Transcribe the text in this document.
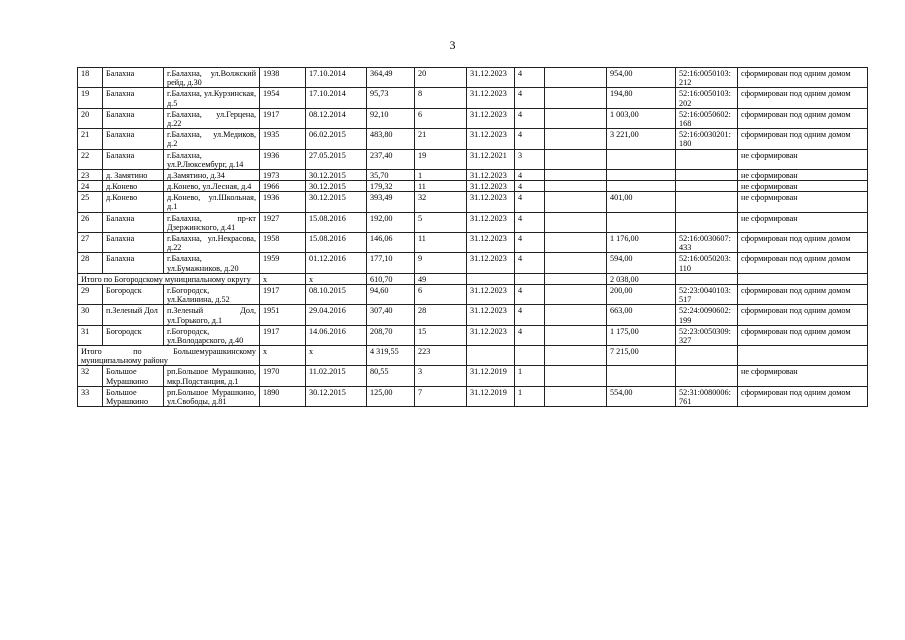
3
18	Балахна	г.Балахна, ул.Волжский рейд, д.30	1938	17.10.2014	364,49	20	31.12.2023	4		954,00	52:16:0050103:212	сформирован под одним домом
19	Балахна	г.Балахна, ул.Курзинская, д.5	1954	17.10.2014	95,73	8	31.12.2023	4		194,80	52:16:0050103:202	сформирован под одним домом
20	Балахна	г.Балахна, ул.Герцена, д.22	1917	08.12.2014	92,10	6	31.12.2023	4		1 003,00	52:16:0050602:168	сформирован под одним домом
21	Балахна	г.Балахна, ул.Медиков, д.2	1935	06.02.2015	483,80	21	31.12.2023	4		3 221,00	52:16:0030201:180	сформирован под одним домом
22	Балахна	г.Балахна, ул.Р.Люксембург, д.14	1936	27.05.2015	237,40	19	31.12.2021	3				не сформирован
23	д. Замятино	д.Замятино, д.34	1973	30.12.2015	35,70	1	31.12.2023	4				не сформирован
24	д.Конево	д.Конево, ул.Лесная, д.4	1966	30.12.2015	179,32	11	31.12.2023	4				не сформирован
25	д.Конево	д.Конево, ул.Школьная, д.1	1936	30.12.2015	393,49	32	31.12.2023	4		401,00		не сформирован
26	Балахна	г.Балахна, пр-кт Дзержинского, д.41	1927	15.08.2016	192,00	5	31.12.2023	4				не сформирован
27	Балахна	г.Балахна, ул.Некрасова, д.22	1958	15.08.2016	146,06	11	31.12.2023	4		1 176,00	52:16:0030607:433	сформирован под одним домом
28	Балахна	г.Балахна, ул.Бумажников, д.20	1959	01.12.2016	177,10	9	31.12.2023	4		594,00	52:16:0050203:110	сформирован под одним домом
Итого по Богородскому муниципальному округу			х	х	610,70	49				2 038,00		
29	Богородск	г.Богородск, ул.Калинина, д.52	1917	08.10.2015	94,60	6	31.12.2023	4		200,00	52:23:0040103:517	сформирован под одним домом
30	п.Зеленый Дол	п.Зеленый Дол, ул.Горького, д.1	1951	29.04.2016	307,40	28	31.12.2023	4		663,00	52:24:0090602:199	сформирован под одним домом
31	Богородск	г.Богородск, ул.Володарского, д.40	1917	14.06.2016	208,70	15	31.12.2023	4		1 175,00	52:23:0050309:327	сформирован под одним домом
Итого по Большемурашкинскому муниципальному району			х	х	4 319,55	223				7 215,00		
32	Большое Мурашкино	рп.Большое Мурашкино, мкр.Подстанция, д.1	1970	11.02.2015	80,55	3	31.12.2019	1				не сформирован
33	Большое Мурашкино	рп.Большое Мурашкино, ул.Свободы, д.81	1890	30.12.2015	125,00	7	31.12.2019	1		554,00	52:31:0080006:761	сформирован под одним домом
